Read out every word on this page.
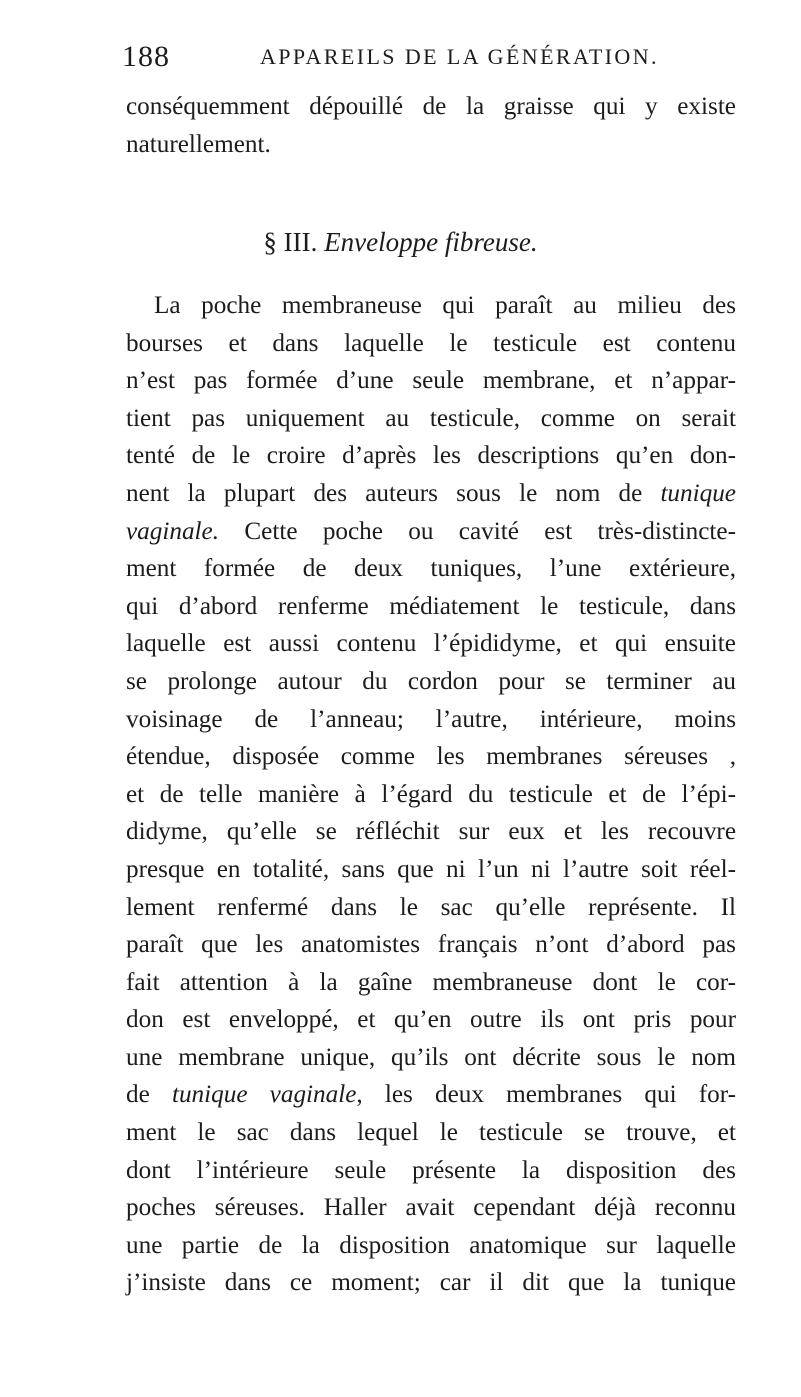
188	APPAREILS DE LA GÉNÉRATION.
conséquemment dépouillé de la graisse qui y existe
naturellement.
§ III. Enveloppe fibreuse.
La poche membraneuse qui paraît au milieu des
bourses et dans laquelle le testicule est contenu
n’est pas formée d’une seule membrane, et n’appar-
tient pas uniquement au testicule, comme on serait
tenté de le croire d’après les descriptions qu’en don-
nent la plupart des auteurs sous le nom de tunique
vaginale. Cette poche ou cavité est très-distincte-
ment formée de deux tuniques, l’une extérieure,
qui d’abord renferme médiatement le testicule, dans
laquelle est aussi contenu l’épididyme, et qui ensuite
se prolonge autour du cordon pour se terminer au
voisinage de l’anneau; l’autre, intérieure, moins
étendue, disposée comme les membranes séreuses ,
et de telle manière à l’égard du testicule et de l’épi-
didyme, qu’elle se réfléchit sur eux et les recouvre
presque en totalité, sans que ni l’un ni l’autre soit réel-
lement renfermé dans le sac qu’elle représente. Il
paraît que les anatomistes français n’ont d’abord pas
fait attention à la gaîne membraneuse dont le cor-
don est enveloppé, et qu’en outre ils ont pris pour
une membrane unique, qu’ils ont décrite sous le nom
de tunique vaginale, les deux membranes qui for-
ment le sac dans lequel le testicule se trouve, et
dont l’intérieure seule présente la disposition des
poches séreuses. Haller avait cependant déjà reconnu
une partie de la disposition anatomique sur laquelle
j’insiste dans ce moment; car il dit que la tunique
